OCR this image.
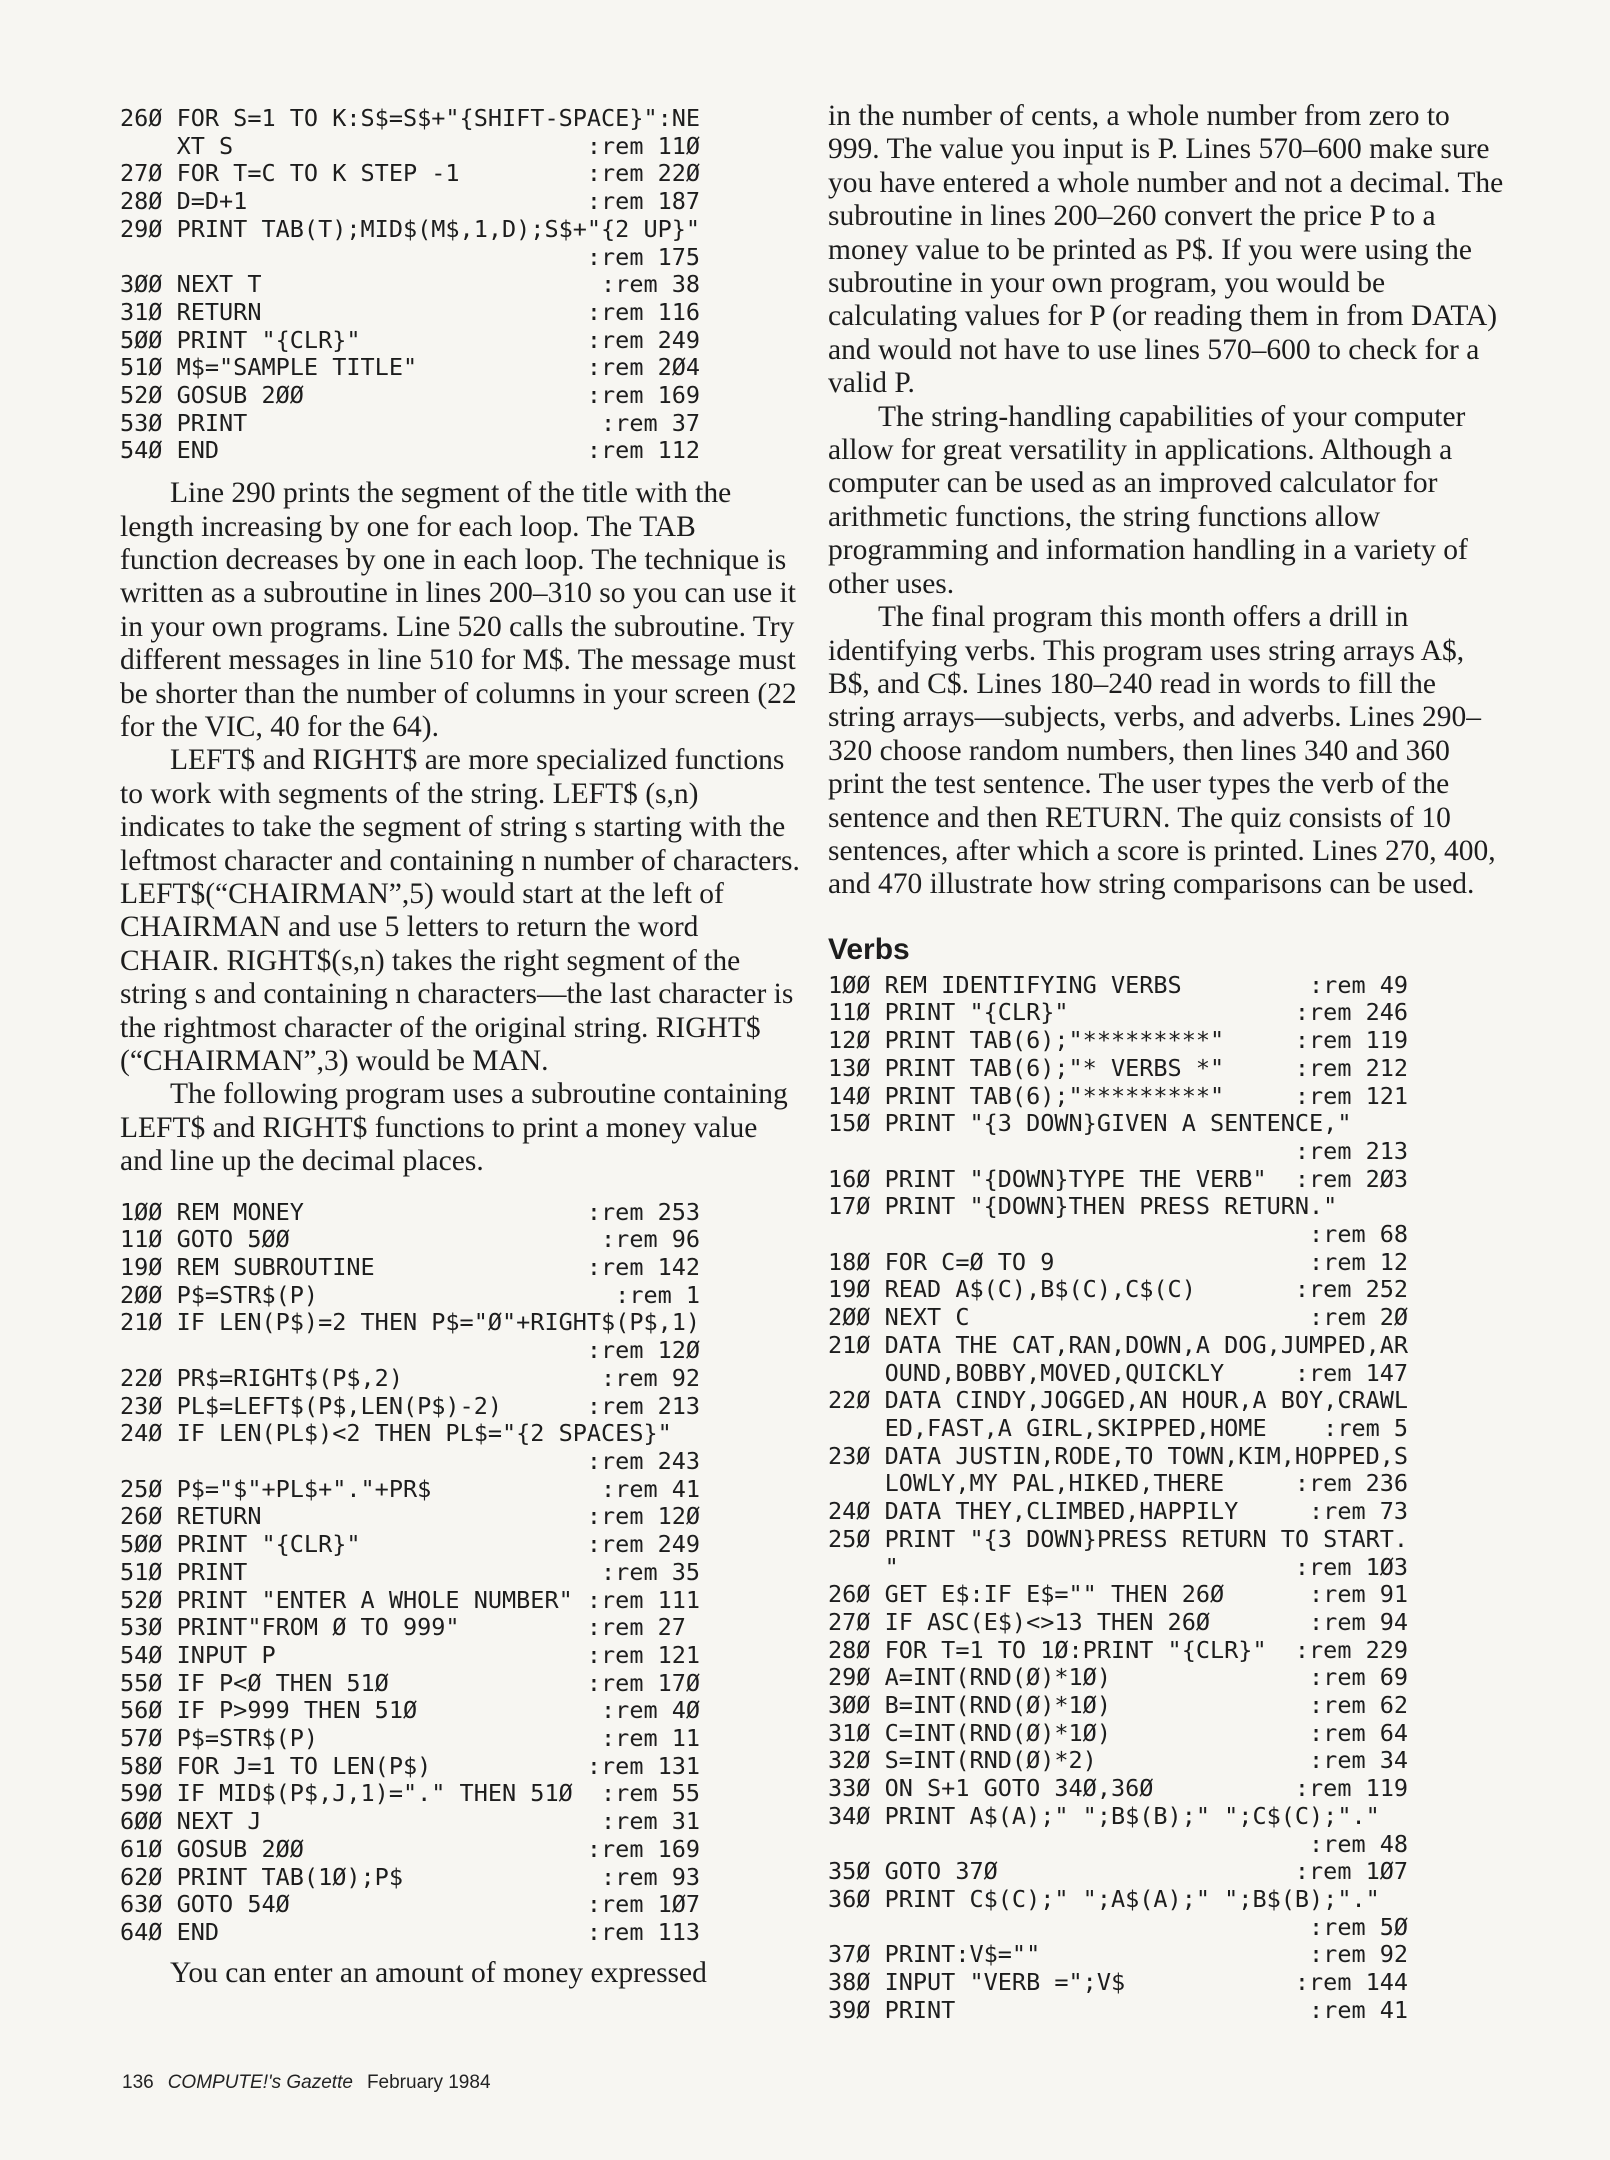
26Ø FOR S=1 TO K:S$=S$+"{SHIFT-SPACE}":NE
XT S                         :rem 11Ø
27Ø FOR T=C TO K STEP -1         :rem 22Ø
28Ø D=D+1                        :rem 187
29Ø PRINT TAB(T);MID$(M$,1,D);S$+"{2 UP}"
:rem 175
3ØØ NEXT T                        :rem 38
31Ø RETURN                       :rem 116
5ØØ PRINT "{CLR}"                :rem 249
51Ø M$="SAMPLE TITLE"            :rem 2Ø4
52Ø GOSUB 2ØØ                    :rem 169
53Ø PRINT                         :rem 37
54Ø END                          :rem 112

Line 290 prints the segment of the title with the length increasing by one for each loop. The TAB function decreases by one in each loop. The technique is written as a subroutine in lines 200–310 so you can use it in your own programs. Line 520 calls the subroutine. Try different messages in line 510 for M$. The message must be shorter than the number of columns in your screen (22 for the VIC, 40 for the 64).

LEFT$ and RIGHT$ are more specialized functions to work with segments of the string. LEFT$ (s,n) indicates to take the segment of string s starting with the leftmost character and containing n number of characters. LEFT$(“CHAIRMAN”,5) would start at the left of CHAIRMAN and use 5 letters to return the word CHAIR. RIGHT$(s,n) takes the right segment of the string s and containing n characters—the last character is the rightmost character of the original string. RIGHT$ (“CHAIRMAN”,3) would be MAN.

The following program uses a subroutine containing LEFT$ and RIGHT$ functions to print a money value and line up the decimal places.

1ØØ REM MONEY                    :rem 253
11Ø GOTO 5ØØ                      :rem 96
19Ø REM SUBROUTINE               :rem 142
2ØØ P$=STR$(P)                     :rem 1
21Ø IF LEN(P$)=2 THEN P$="Ø"+RIGHT$(P$,1)
:rem 12Ø
22Ø PR$=RIGHT$(P$,2)              :rem 92
23Ø PL$=LEFT$(P$,LEN(P$)-2)      :rem 213
24Ø IF LEN(PL$)<2 THEN PL$="{2 SPACES}"
:rem 243
25Ø P$="$"+PL$+"."+PR$            :rem 41
26Ø RETURN                       :rem 12Ø
5ØØ PRINT "{CLR}"                :rem 249
51Ø PRINT                         :rem 35
52Ø PRINT "ENTER A WHOLE NUMBER" :rem 111
53Ø PRINT"FROM Ø TO 999"         :rem 27
54Ø INPUT P                      :rem 121
55Ø IF P<Ø THEN 51Ø              :rem 17Ø
56Ø IF P>999 THEN 51Ø             :rem 4Ø
57Ø P$=STR$(P)                    :rem 11
58Ø FOR J=1 TO LEN(P$)           :rem 131
59Ø IF MID$(P$,J,1)="." THEN 51Ø  :rem 55
6ØØ NEXT J                        :rem 31
61Ø GOSUB 2ØØ                    :rem 169
62Ø PRINT TAB(1Ø);P$              :rem 93
63Ø GOTO 54Ø                     :rem 1Ø7
64Ø END                          :rem 113

You can enter an amount of money expressed

in the number of cents, a whole number from zero to 999. The value you input is P. Lines 570–600 make sure you have entered a whole number and not a decimal. The subroutine in lines 200–260 convert the price P to a money value to be printed as P$. If you were using the subroutine in your own program, you would be calculating values for P (or reading them in from DATA) and would not have to use lines 570–600 to check for a valid P.

The string-handling capabilities of your computer allow for great versatility in applications. Although a computer can be used as an improved calculator for arithmetic functions, the string functions allow programming and information handling in a variety of other uses.

The final program this month offers a drill in identifying verbs. This program uses string arrays A$, B$, and C$. Lines 180–240 read in words to fill the string arrays—subjects, verbs, and adverbs. Lines 290–320 choose random numbers, then lines 340 and 360 print the test sentence. The user types the verb of the sentence and then RETURN. The quiz consists of 10 sentences, after which a score is printed. Lines 270, 400, and 470 illustrate how string comparisons can be used.

Verbs
1ØØ REM IDENTIFYING VERBS         :rem 49
11Ø PRINT "{CLR}"                :rem 246
12Ø PRINT TAB(6);"*********"     :rem 119
13Ø PRINT TAB(6);"* VERBS *"     :rem 212
14Ø PRINT TAB(6);"*********"     :rem 121
15Ø PRINT "{3 DOWN}GIVEN A SENTENCE,"
:rem 213
16Ø PRINT "{DOWN}TYPE THE VERB"  :rem 2Ø3
17Ø PRINT "{DOWN}THEN PRESS RETURN."
:rem 68
18Ø FOR C=Ø TO 9                  :rem 12
19Ø READ A$(C),B$(C),C$(C)       :rem 252
2ØØ NEXT C                        :rem 2Ø
21Ø DATA THE CAT,RAN,DOWN,A DOG,JUMPED,AR
OUND,BOBBY,MOVED,QUICKLY     :rem 147
22Ø DATA CINDY,JOGGED,AN HOUR,A BOY,CRAWL
ED,FAST,A GIRL,SKIPPED,HOME    :rem 5
23Ø DATA JUSTIN,RODE,TO TOWN,KIM,HOPPED,S
LOWLY,MY PAL,HIKED,THERE     :rem 236
24Ø DATA THEY,CLIMBED,HAPPILY     :rem 73
25Ø PRINT "{3 DOWN}PRESS RETURN TO START.
"                            :rem 1Ø3
26Ø GET E$:IF E$="" THEN 26Ø      :rem 91
27Ø IF ASC(E$)<>13 THEN 26Ø       :rem 94
28Ø FOR T=1 TO 1Ø:PRINT "{CLR}"  :rem 229
29Ø A=INT(RND(Ø)*1Ø)              :rem 69
3ØØ B=INT(RND(Ø)*1Ø)              :rem 62
31Ø C=INT(RND(Ø)*1Ø)              :rem 64
32Ø S=INT(RND(Ø)*2)               :rem 34
33Ø ON S+1 GOTO 34Ø,36Ø          :rem 119
34Ø PRINT A$(A);" ";B$(B);" ";C$(C);"."
:rem 48
35Ø GOTO 37Ø                     :rem 1Ø7
36Ø PRINT C$(C);" ";A$(A);" ";B$(B);"."
:rem 5Ø
37Ø PRINT:V$=""                   :rem 92
38Ø INPUT "VERB =";V$            :rem 144
39Ø PRINT                         :rem 41
136 COMPUTE!'s Gazette February 1984
